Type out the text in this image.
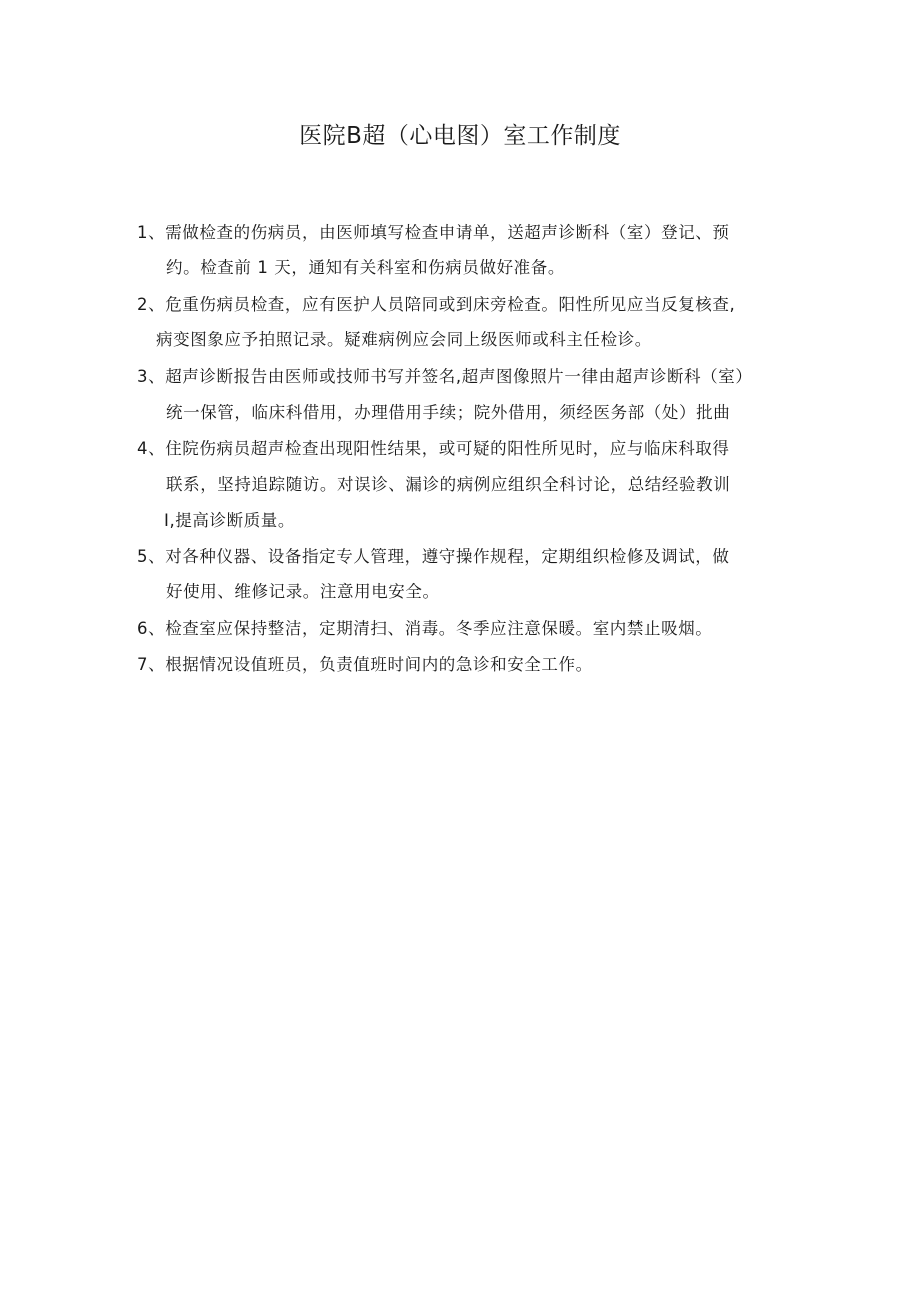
医院B超（心电图）室工作制度
1、需做检查的伤病员，由医师填写检查申请单，送超声诊断科（室）登记、预
约。检查前 1 天，通知有关科室和伤病员做好准备。
2、危重伤病员检查，应有医护人员陪同或到床旁检查。阳性所见应当反复核查,
病变图象应予拍照记录。疑难病例应会同上级医师或科主任检诊。
3、超声诊断报告由医师或技师书写并签名,超声图像照片一律由超声诊断科（室）
统一保管，临床科借用，办理借用手续；院外借用，须经医务部（处）批曲
4、住院伤病员超声检查出现阳性结果，或可疑的阳性所见时，应与临床科取得
联系，坚持追踪随访。对误诊、漏诊的病例应组织全科讨论，总结经验教训
I,提高诊断质量。
5、对各种仪器、设备指定专人管理，遵守操作规程，定期组织检修及调试，做
好使用、维修记录。注意用电安全。
6、检查室应保持整洁，定期清扫、消毒。冬季应注意保暖。室内禁止吸烟。
7、根据情况设值班员，负责值班时间内的急诊和安全工作。
